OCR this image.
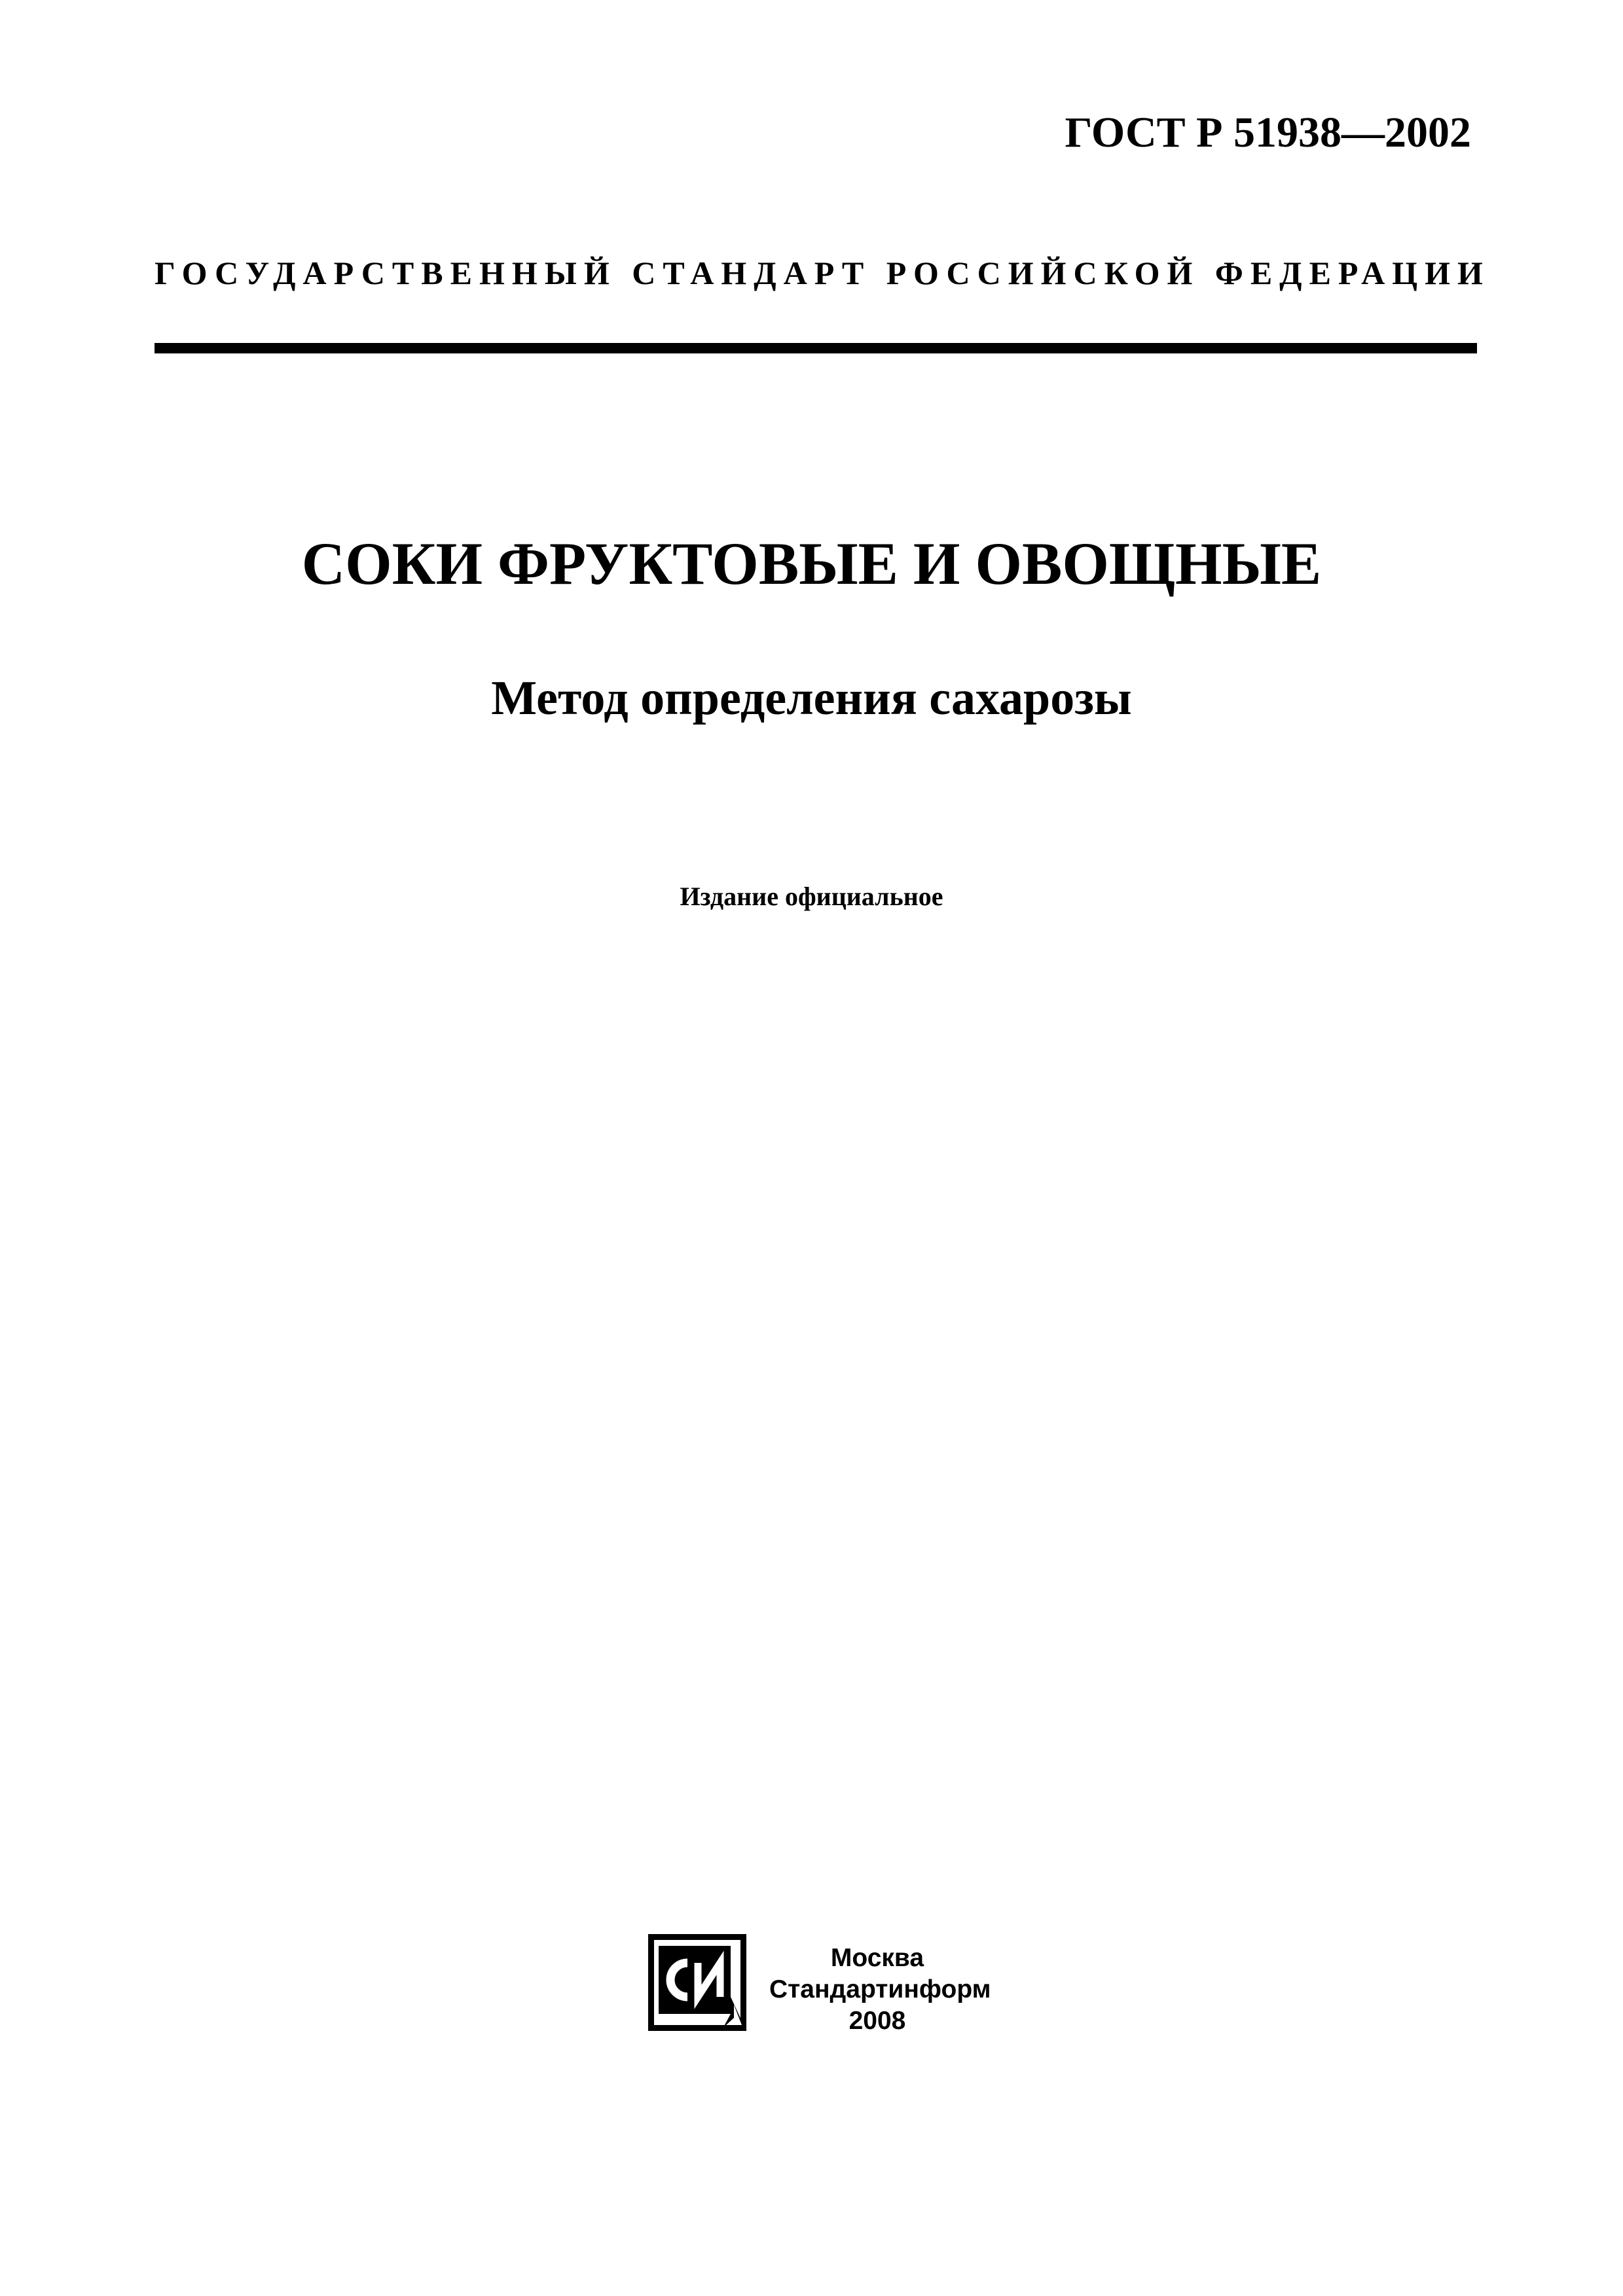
ГОСТ Р 51938—2002
ГОСУДАРСТВЕННЫЙ СТАНДАРТ РОССИЙСКОЙ ФЕДЕРАЦИИ
СОКИ ФРУКТОВЫЕ И ОВОЩНЫЕ
Метод определения сахарозы
Издание официальное
Москва
Стандартинформ
2008
